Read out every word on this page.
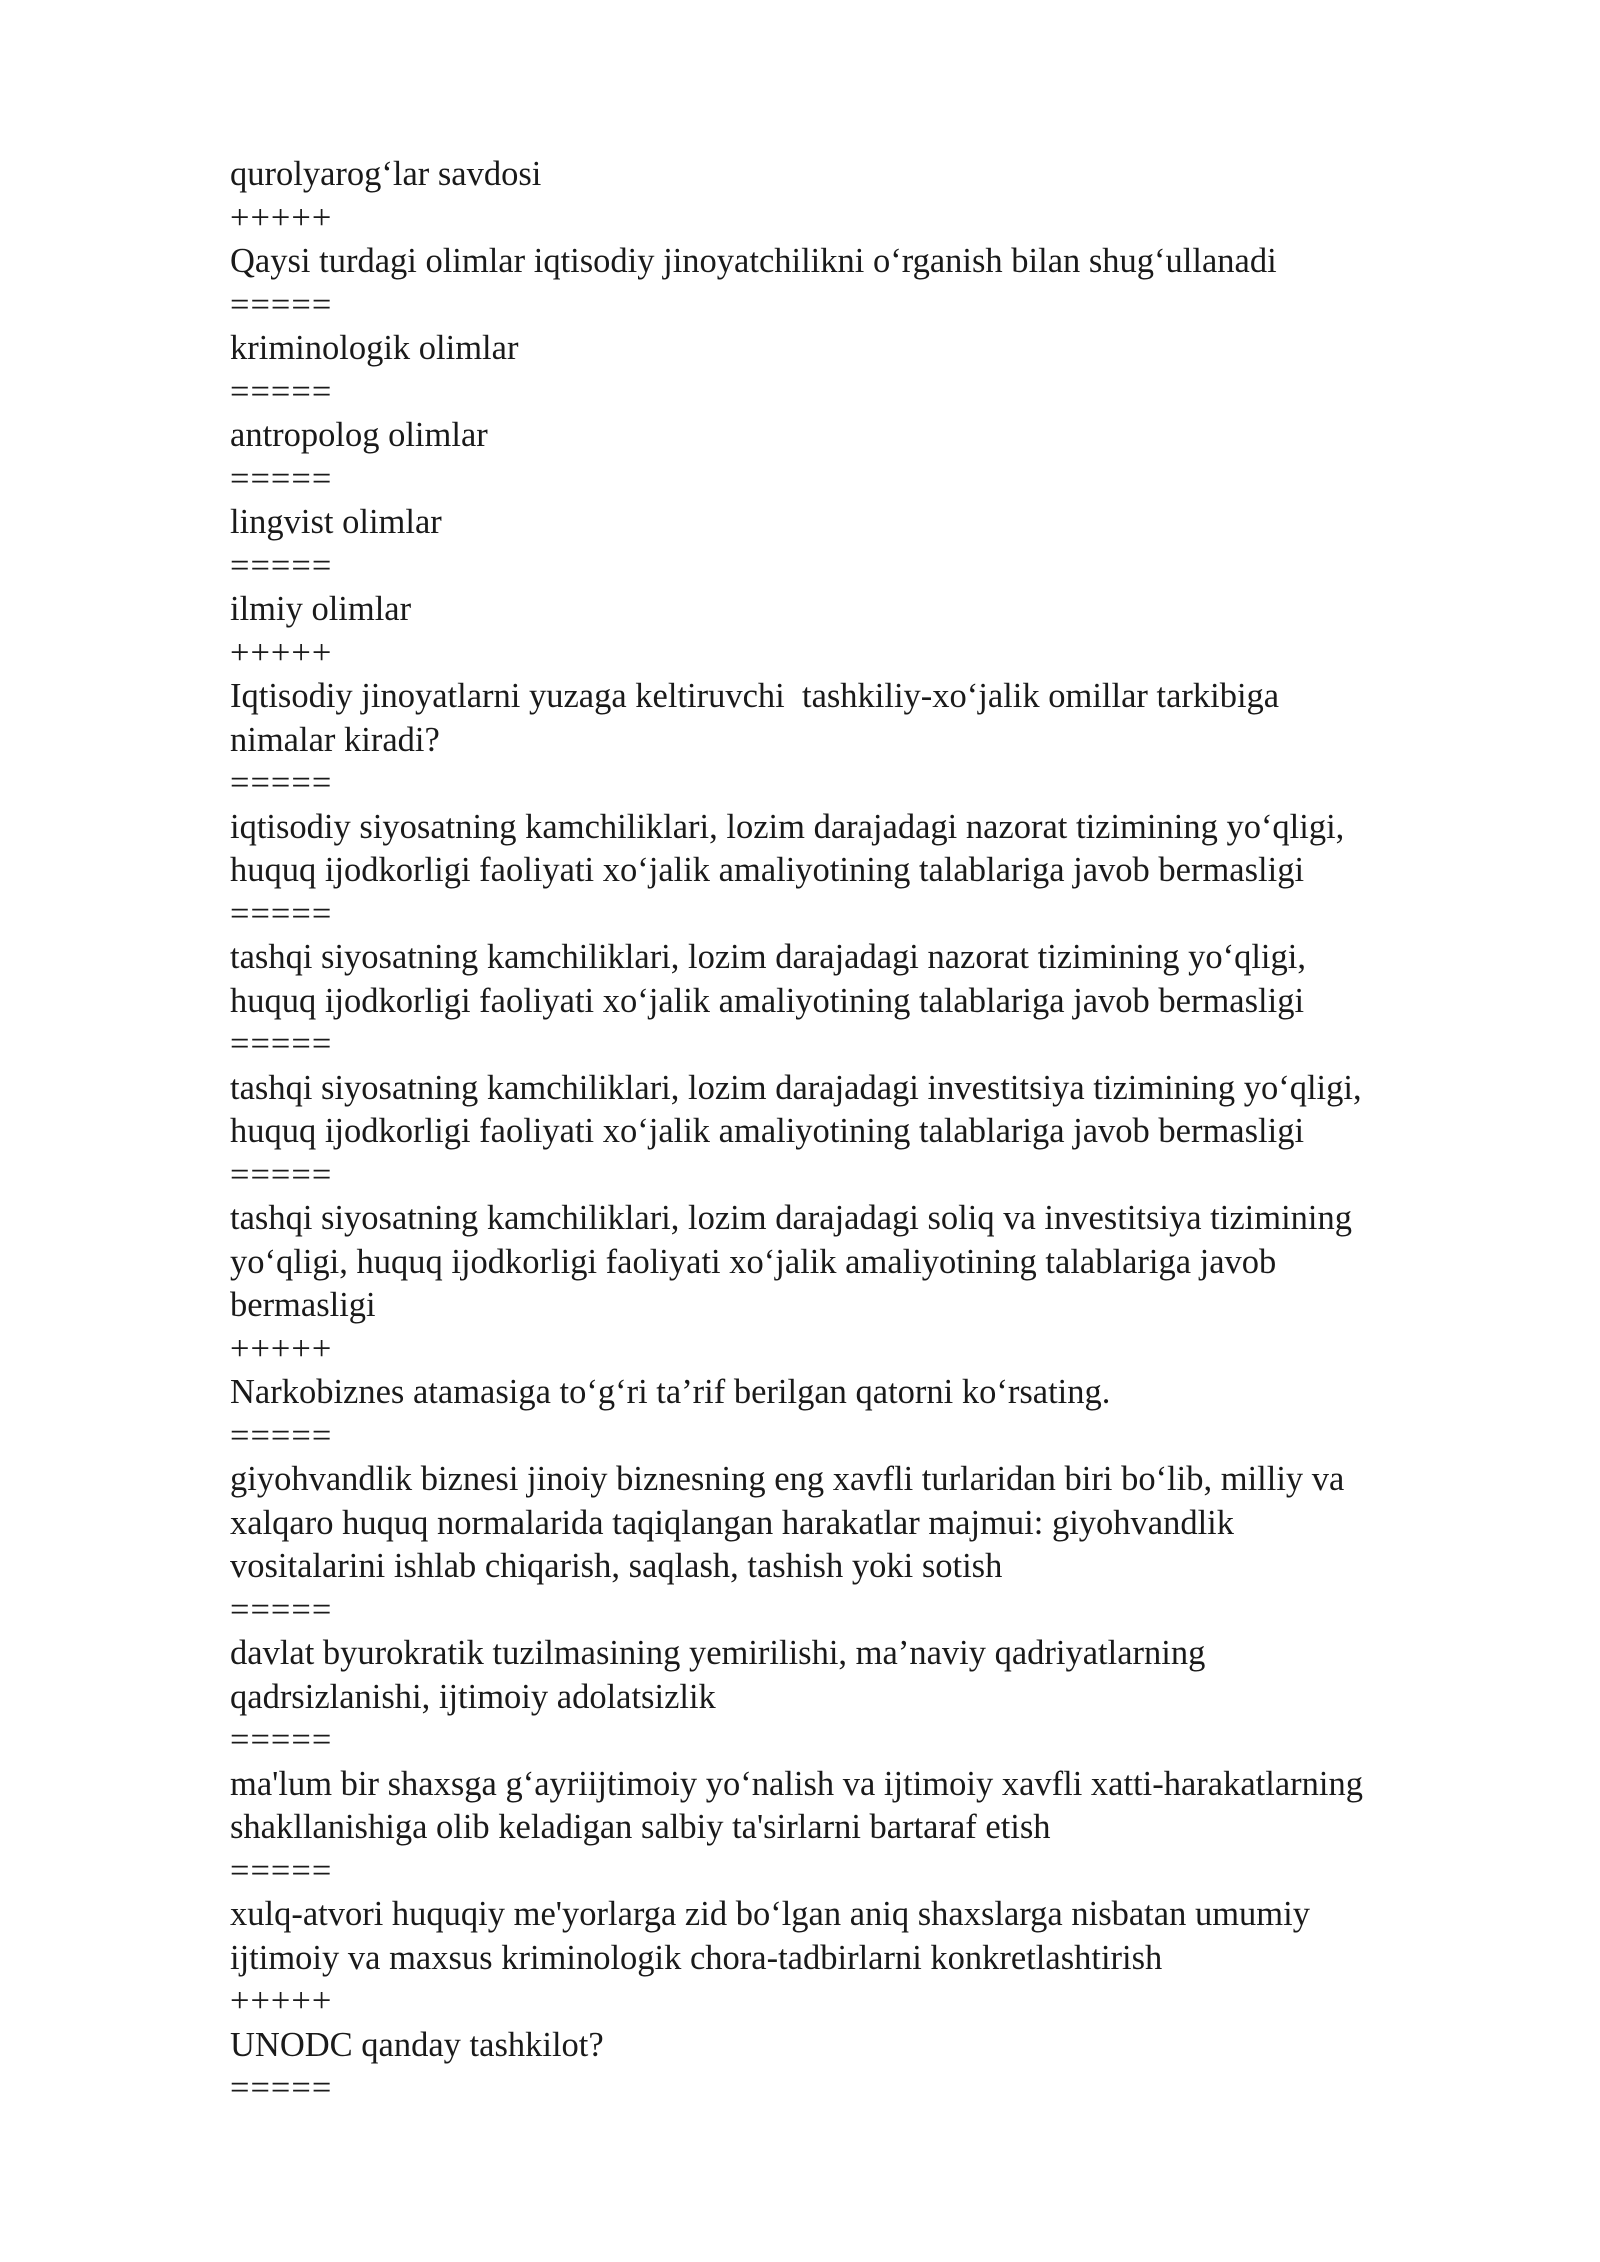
qurolyarog‘lar savdosi

+++++

Qaysi turdagi olimlar iqtisodiy jinoyatchilikni o‘rganish bilan shug‘ullanadi

=====

kriminologik olimlar

=====

antropolog olimlar

=====

lingvist olimlar

=====

ilmiy olimlar

+++++

Iqtisodiy jinoyatlarni yuzaga keltiruvchi  tashkiliy-xo‘jalik omillar tarkibiga

nimalar kiradi?

=====

iqtisodiy siyosatning kamchiliklari, lozim darajadagi nazorat tizimining yo‘qligi,

huquq ijodkorligi faoliyati xo‘jalik amaliyotining talablariga javob bermasligi

=====

tashqi siyosatning kamchiliklari, lozim darajadagi nazorat tizimining yo‘qligi,

huquq ijodkorligi faoliyati xo‘jalik amaliyotining talablariga javob bermasligi

=====

tashqi siyosatning kamchiliklari, lozim darajadagi investitsiya tizimining yo‘qligi,

huquq ijodkorligi faoliyati xo‘jalik amaliyotining talablariga javob bermasligi

=====

tashqi siyosatning kamchiliklari, lozim darajadagi soliq va investitsiya tizimining

yo‘qligi, huquq ijodkorligi faoliyati xo‘jalik amaliyotining talablariga javob

bermasligi

+++++

Narkobiznes atamasiga to‘g‘ri ta’rif berilgan qatorni ko‘rsating.

=====

giyohvandlik biznesi jinoiy biznesning eng xavfli turlaridan biri bo‘lib, milliy va

xalqaro huquq normalarida taqiqlangan harakatlar majmui: giyohvandlik

vositalarini ishlab chiqarish, saqlash, tashish yoki sotish

=====

davlat byurokratik tuzilmasining yemirilishi, ma’naviy qadriyatlarning

qadrsizlanishi, ijtimoiy adolatsizlik

=====

ma'lum bir shaxsga g‘ayriijtimoiy yo‘nalish va ijtimoiy xavfli xatti-harakatlarning

shakllanishiga olib keladigan salbiy ta'sirlarni bartaraf etish

=====

xulq-atvori huquqiy me'yorlarga zid bo‘lgan aniq shaxslarga nisbatan umumiy

ijtimoiy va maxsus kriminologik chora-tadbirlarni konkretlashtirish

+++++

UNODC qanday tashkilot?

=====
